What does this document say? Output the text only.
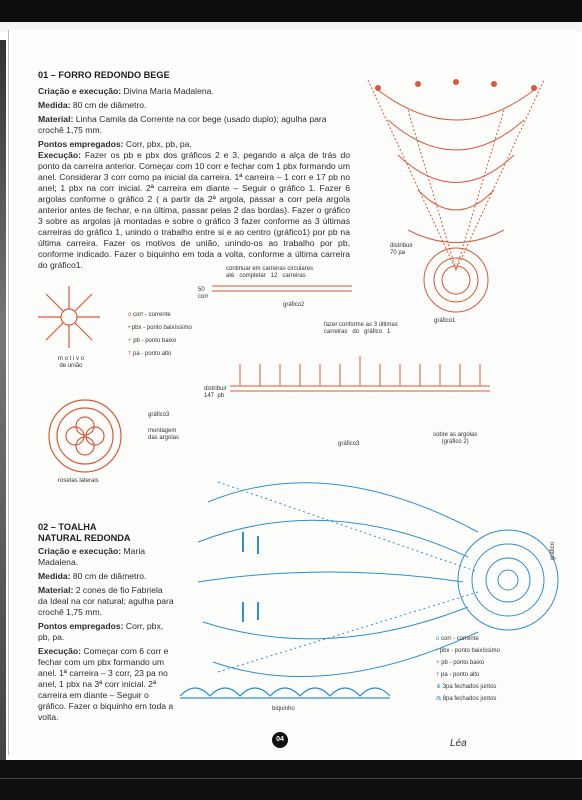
01 – FORRO REDONDO BEGE
Criação e execução: Divina Maria Madalena.
Medida: 80 cm de diâmetro.
Material: Linha Camila da Corrente na cor bege (usado duplo); agulha para crochê 1,75 mm.
Pontos empregados: Corr, pbx, pb, pa.
Execução: Fazer os pb e pbx dos gráficos 2 e 3, pegando a alça de trás do ponto da carreira anterior. Começar com 10 corr e fechar com 1 pbx formando um anel. Considerar 3 corr como pa inicial da carreira. 1ª carreira – 1 corr e 17 pb no anel; 1 pbx na corr inicial. 2ª carreira em diante – Seguir o gráfico 1. Fazer 6 argolas conforme o gráfico 2 ( a partir da 2ª argola, passar a corr pela argola anterior antes de fechar, e na última, passar pelas 2 das bordas). Fazer o gráfico 3 sobre as argolas já montadas e sobre o gráfico 3 fazer conforme as 3 últimas carreiras do gráfico 1, unindo o trabalho entre si e ao centro (gráfico1) por pb na última carreira. Fazer os motivos de união, unindo-os ao trabalho por pb, conforme indicado. Fazer o biquinho em toda a volta, conforme a última carreira do gráfico1.
distribuir
70 pa
gráfico1
continuar em carreiras circulares
até   completar   12   carreiras
50
corr
gráfico2
m o t i v o
de união
o corr - corrente
• pbx - ponto baixíssimo
+ pb - ponto baixo
† pa - ponto alto
fazer conforme as 3 últimas
carreiras   do   gráfico   1
distribuir
147  pb
gráfico3
sobre as argolas
(gráfico 2)
gráfico3
montagem
das argolas
rosetas laterais
02 – TOALHA
NATURAL REDONDA
Criação e execução: Maria Madalena.
Medida: 80 cm de diâmetro.
Material: 2 cones de fio Fabriela da Ideal na cor natural; agulha para crochê 1,75 mm.
Pontos empregados: Corr, pbx, pb, pa.
Execução: Começar com 6 corr e fechar com um pbx formando um anel. 1ª carreira – 3 corr, 23 pa no anel, 1 pbx na 3ª corr inicial. 2ª carreira em diante – Seguir o gráfico. Fazer o biquinho em toda a volta.
gráfico
biquinho
o corr - corrente
• pbx - ponto baixíssimo
+ pb - ponto baixo
† pa - ponto alto
⋔ 3pa fechados juntos
⋒ 8pa fechados juntos
04	Léa
